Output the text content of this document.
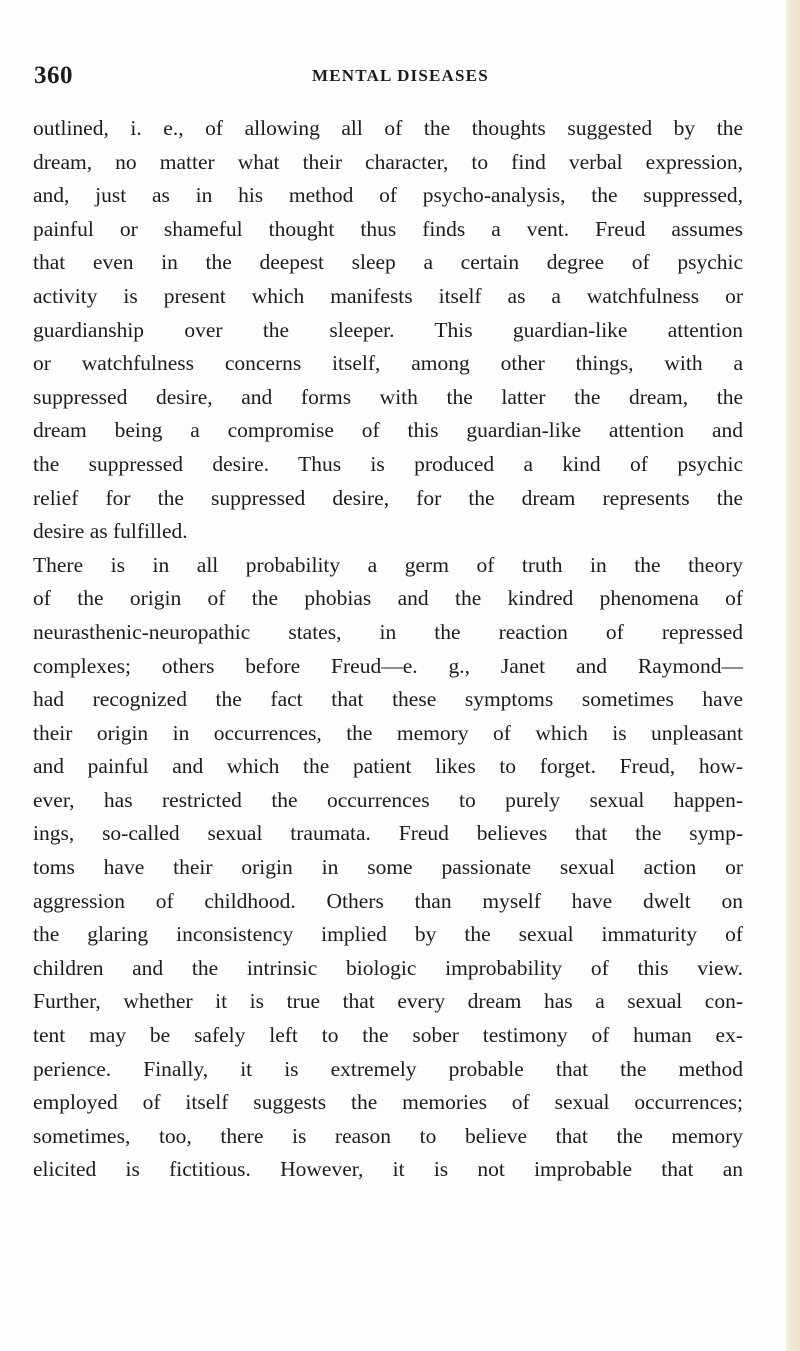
360	MENTAL DISEASES
outlined, i. e., of allowing all of the thoughts suggested by the
dream, no matter what their character, to find verbal expression,
and, just as in his method of psycho-analysis, the suppressed,
painful or shameful thought thus finds a vent. Freud assumes
that even in the deepest sleep a certain degree of psychic
activity is present which manifests itself as a watchfulness or
guardianship over the sleeper. This guardian-like attention
or watchfulness concerns itself, among other things, with a
suppressed desire, and forms with the latter the dream, the
dream being a compromise of this guardian-like attention and
the suppressed desire. Thus is produced a kind of psychic
relief for the suppressed desire, for the dream represents the
desire as fulfilled.
There is in all probability a germ of truth in the theory
of the origin of the phobias and the kindred phenomena of
neurasthenic-neuropathic states, in the reaction of repressed
complexes; others before Freud—e. g., Janet and Raymond—
had recognized the fact that these symptoms sometimes have
their origin in occurrences, the memory of which is unpleasant
and painful and which the patient likes to forget. Freud, how-
ever, has restricted the occurrences to purely sexual happen-
ings, so-called sexual traumata. Freud believes that the symp-
toms have their origin in some passionate sexual action or
aggression of childhood. Others than myself have dwelt on
the glaring inconsistency implied by the sexual immaturity of
children and the intrinsic biologic improbability of this view.
Further, whether it is true that every dream has a sexual con-
tent may be safely left to the sober testimony of human ex-
perience. Finally, it is extremely probable that the method
employed of itself suggests the memories of sexual occurrences;
sometimes, too, there is reason to believe that the memory
elicited is fictitious. However, it is not improbable that an
